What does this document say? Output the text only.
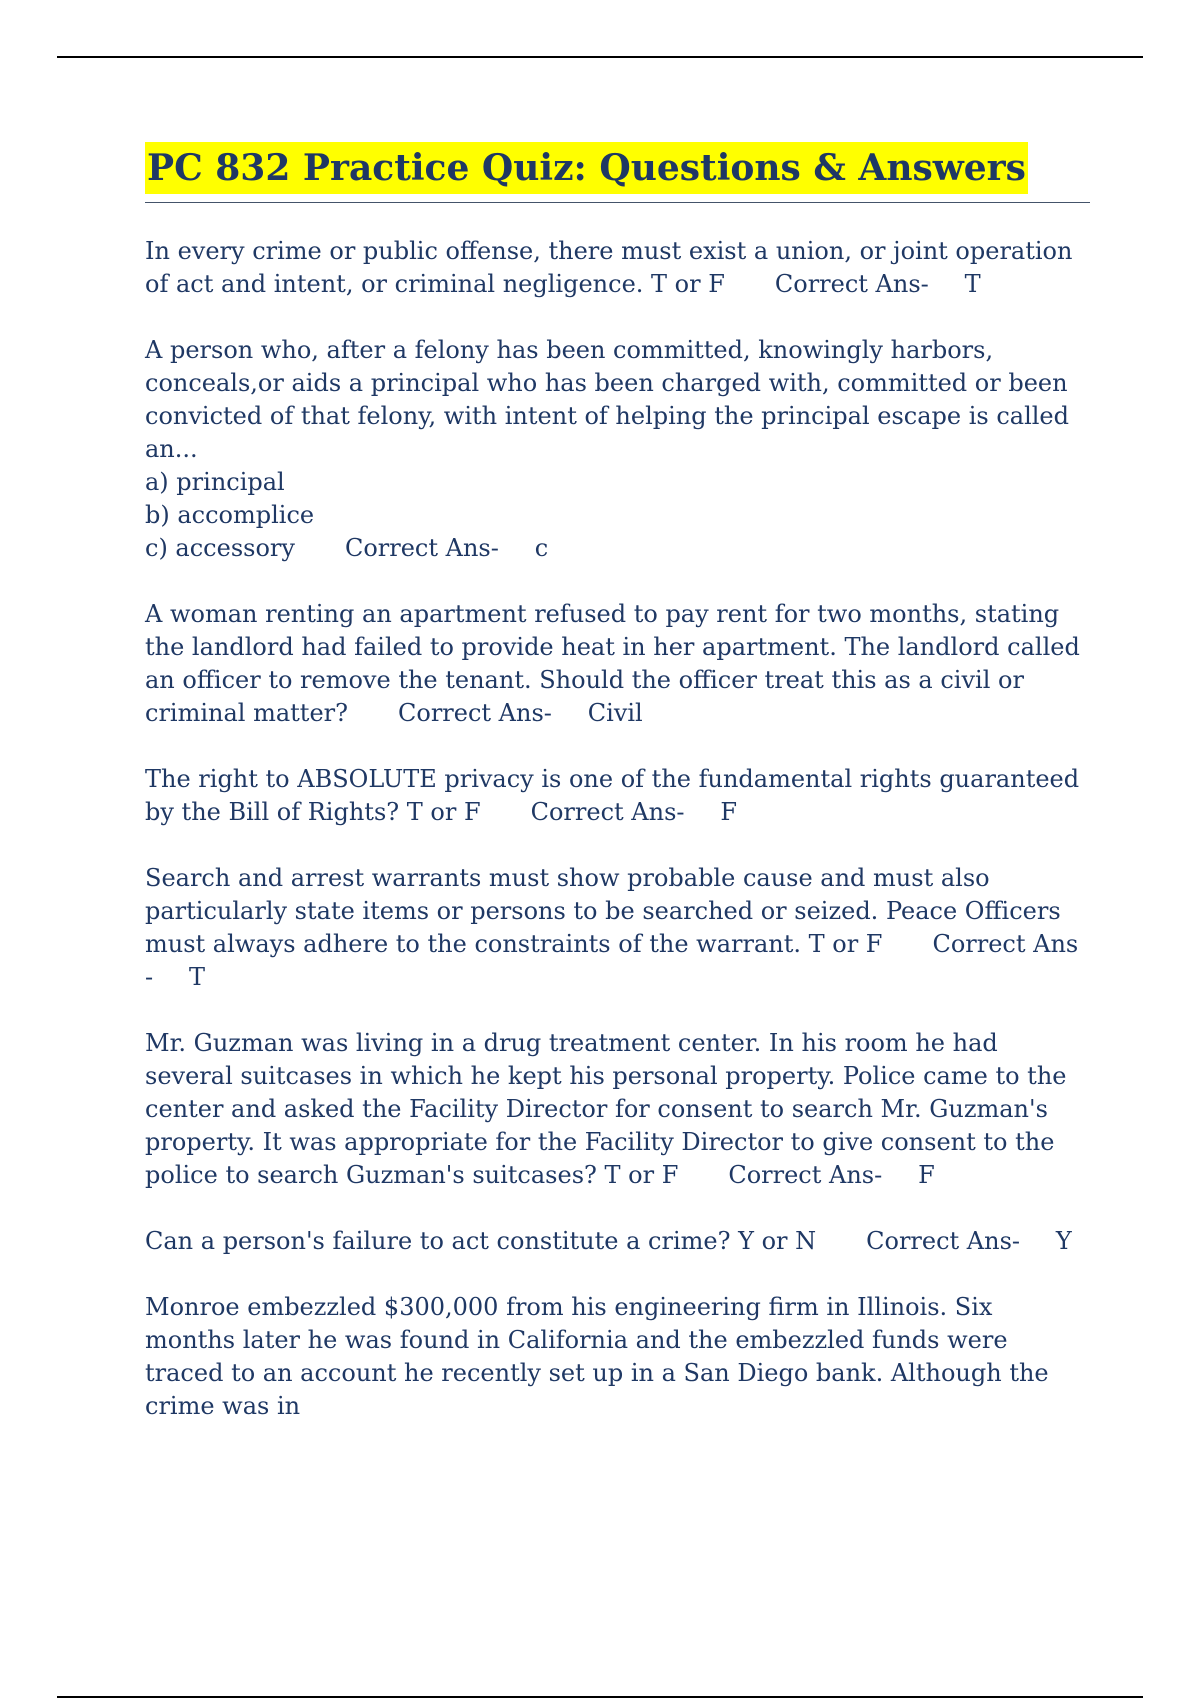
PC 832 Practice Quiz: Questions & Answers
In every crime or public offense, there must exist a union, or joint operation of act and intent, or criminal negligence. T or F Correct Ans- T
A person who, after a felony has been committed, knowingly harbors, conceals,or aids a principal who has been charged with, committed or been convicted of that felony, with intent of helping the principal escape is called an...
a) principal
b) accomplice
c) accessory Correct Ans- c
A woman renting an apartment refused to pay rent for two months, stating the landlord had failed to provide heat in her apartment. The landlord called an officer to remove the tenant. Should the officer treat this as a civil or criminal matter? Correct Ans- Civil
The right to ABSOLUTE privacy is one of the fundamental rights guaranteed by the Bill of Rights? T or F Correct Ans- F
Search and arrest warrants must show probable cause and must also particularly state items or persons to be searched or seized. Peace Officers must always adhere to the constraints of the warrant. T or F Correct Ans- T
Mr. Guzman was living in a drug treatment center. In his room he had several suitcases in which he kept his personal property. Police came to the center and asked the Facility Director for consent to search Mr. Guzman's property. It was appropriate for the Facility Director to give consent to the police to search Guzman's suitcases? T or F Correct Ans- F
Can a person's failure to act constitute a crime? Y or N Correct Ans- Y
Monroe embezzled $300,000 from his engineering firm in Illinois. Six months later he was found in California and the embezzled funds were traced to an account he recently set up in a San Diego bank. Although the crime was in
